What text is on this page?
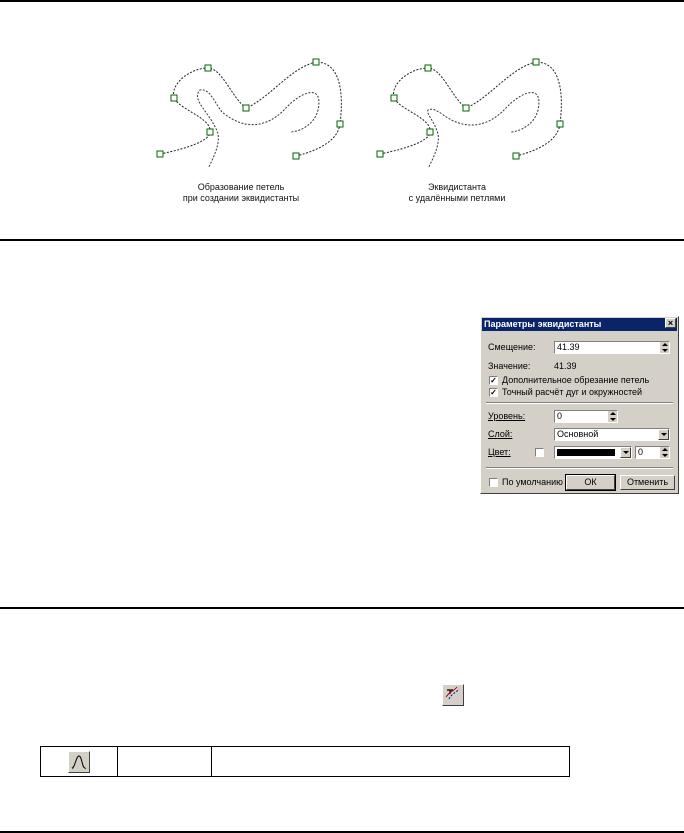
Образование петель
при создании эквидистанты
Эквидистанта
с удалёнными петлями
Параметры эквидистанты	×
Смещение:	41.39
Значение:	41.39
✓ Дополнительное обрезание петель
✓ Точный расчёт дуг и окружностей
Уровень:	0
Слой:	Основной
Цвет:	0
По умолчанию	ОК	Отменить
